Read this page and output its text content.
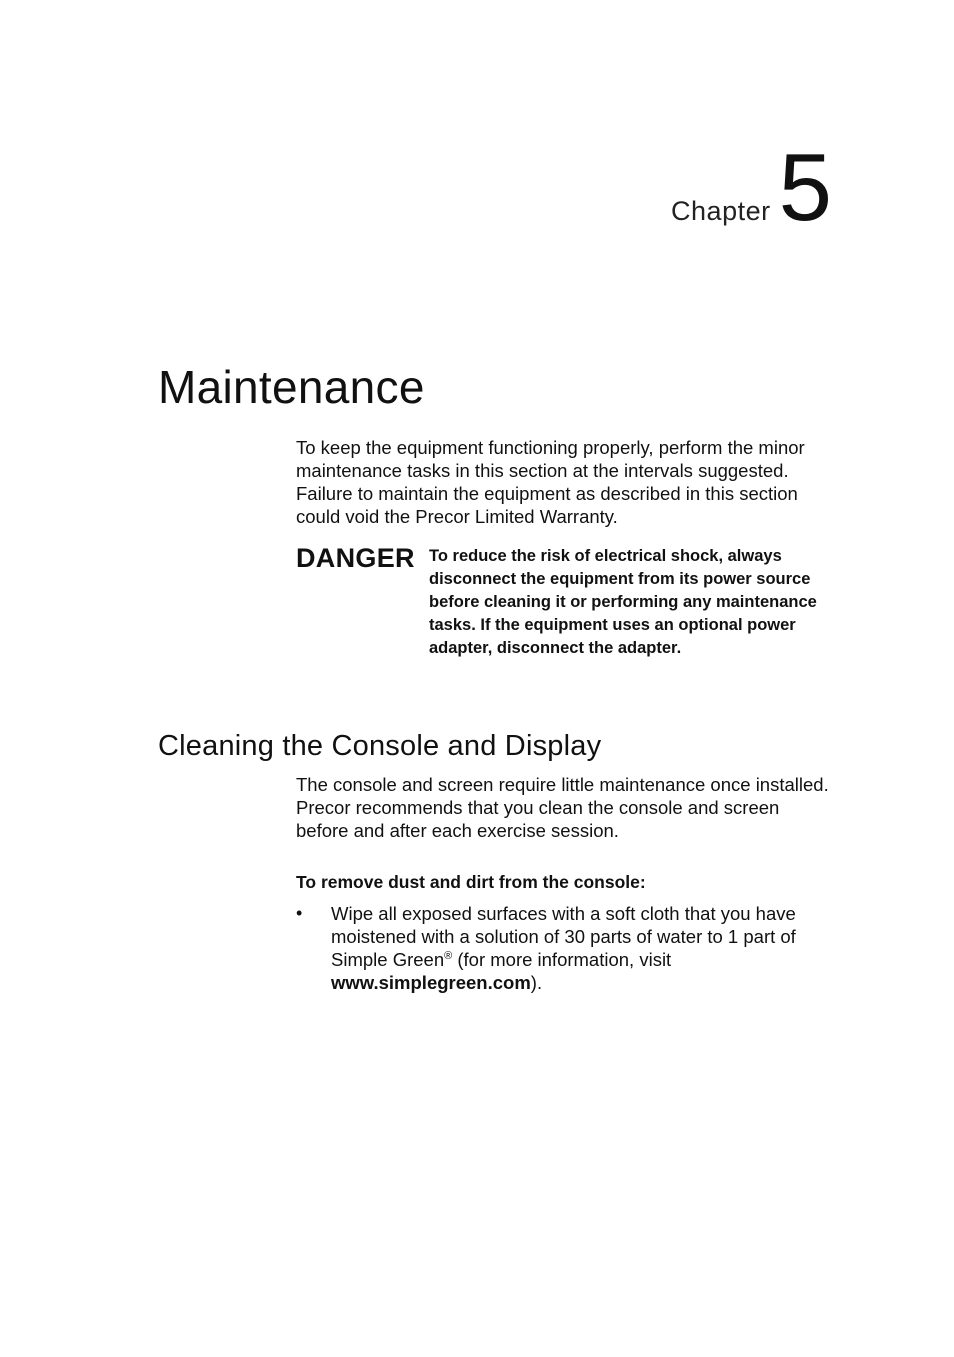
Chapter 5
Maintenance

To keep the equipment functioning properly, perform the minor maintenance tasks in this section at the intervals suggested. Failure to maintain the equipment as described in this section could void the Precor Limited Warranty.

DANGER To reduce the risk of electrical shock, always disconnect the equipment from its power source before cleaning it or performing any maintenance tasks. If the equipment uses an optional power adapter, disconnect the adapter.
Cleaning the Console and Display

The console and screen require little maintenance once installed. Precor recommends that you clean the console and screen before and after each exercise session.

To remove dust and dirt from the console:
•	Wipe all exposed surfaces with a soft cloth that you have moistened with a solution of 30 parts of water to 1 part of Simple Green® (for more information, visit www.simplegreen.com).
